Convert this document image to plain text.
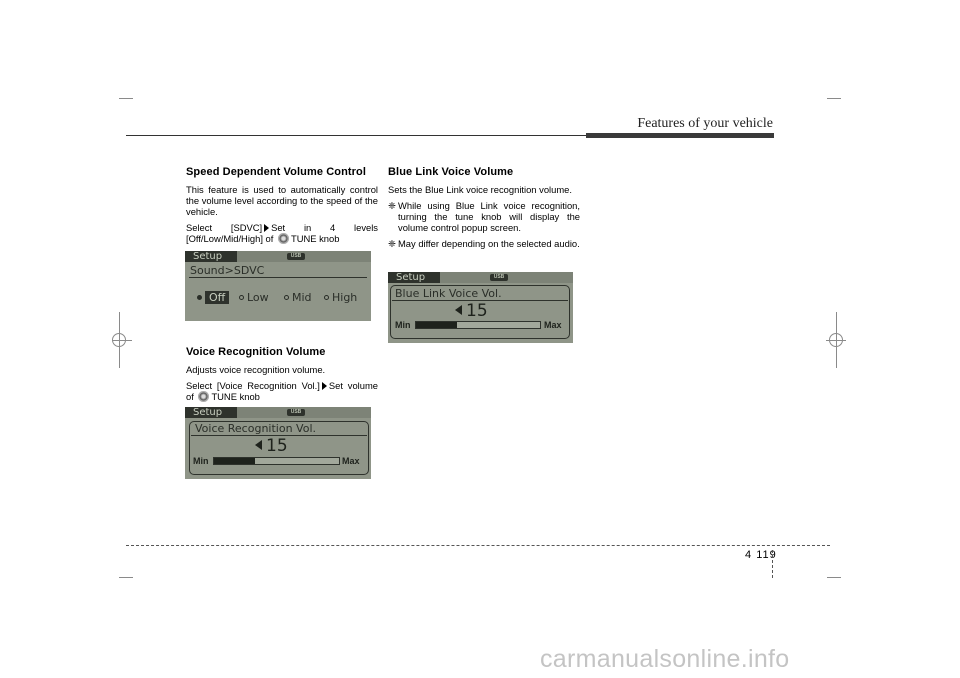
Features of your vehicle
Speed Dependent Volume Control

This feature is used to automatically control the volume level according to the speed of the vehicle.

Select [SDVC] Set in 4 levels [Off/Low/Mid/High] of TUNE knob

Setup	USB
Sound>SDVC
Off	Low	Mid	High
Voice Recognition Volume

Adjusts voice recognition volume.

Select [Voice Recognition Vol.] Set volume of TUNE knob

Setup	USB
Voice Recognition Vol.
15
Min	Max
Blue Link Voice Volume

Sets the Blue Link voice recognition volume.

❈ While using Blue Link voice recognition, turning the tune knob will display the volume control popup screen.

❈ May differ depending on the selected audio.

Setup	USB
Blue Link Voice Vol.
15
Min	Max
4 119
carmanualsonline.info
